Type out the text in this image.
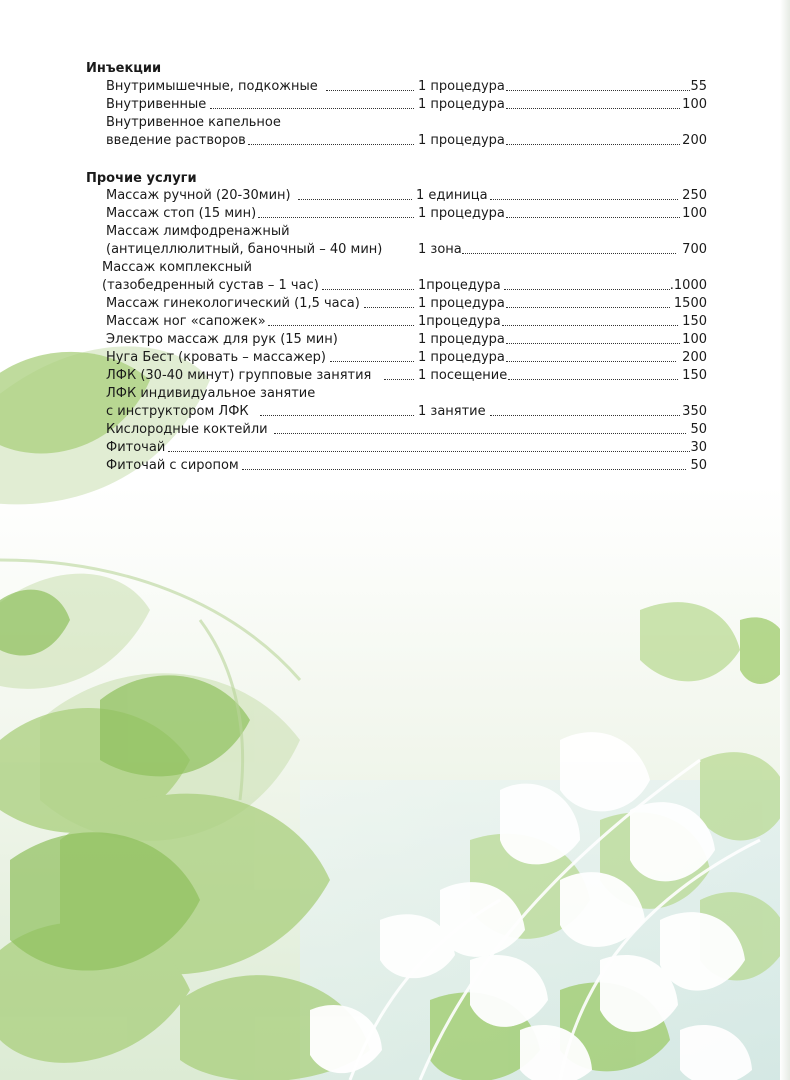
Инъекции
Внутримышечные, подкожные	1 процедура	55
Внутривенные	1 процедура	100
Внутривенное капельное
введение растворов	1 процедура	200
Прочие услуги
Массаж ручной (20-30мин)	1 единица	250
Массаж стоп (15 мин)	1 процедура	100
Массаж лимфодренажный
(антицеллюлитный, баночный – 40 мин)	1 зона	700
Массаж комплексный
(тазобедренный сустав – 1 час)	1процедура	.1000
Массаж гинекологический (1,5 часа)	1 процедура	1500
Массаж ног «сапожек»	1процедура	150
Электро массаж для рук (15 мин)	1 процедура	100
Нуга Бест (кровать – массажер)	1 процедура	200
ЛФК (30-40 минут) групповые занятия	1 посещение	150
ЛФК индивидуальное занятие
с инструктором ЛФК	1 занятие	350
Кислородные коктейли	50
Фиточай	30
Фиточай с сиропом	50
